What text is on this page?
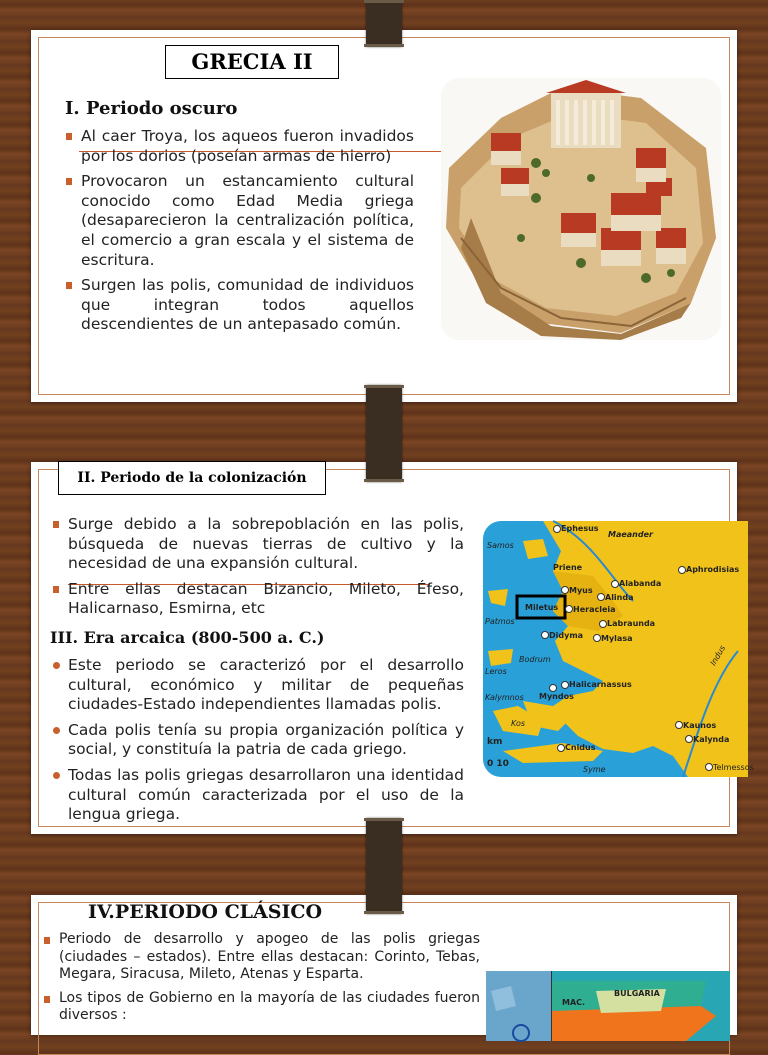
GRECIA II
I. Periodo oscuro
Al caer Troya, los aqueos fueron invadidos por los dorios (poseían armas de hierro)
Provocaron un estancamiento cultural conocido como Edad Media griega (desaparecieron la centralización política, el comercio a gran escala y el sistema de escritura.
Surgen las polis, comunidad de individuos que integran todos aquellos descendientes de un antepasado común.
II. Periodo de la colonización
Surge debido a la sobrepoblación en las polis, búsqueda de nuevas tierras de cultivo y la necesidad de una expansión cultural.
Entre ellas destacan Bizancio, Mileto, Éfeso, Halicarnaso, Esmirna, etc
III. Era arcaica (800-500 a. C.)
Este periodo se caracterizó por el desarrollo cultural, económico y militar de pequeñas ciudades-Estado independientes llamadas polis.
Cada polis tenía su propia organización política y social, y constituía la patria de cada griego.
Todas las polis griegas desarrollaron una identidad cultural común caracterizada por el uso de la lengua griega.
Ephesus
Maeander
Samos
Priene
Myus
Alinda
Alabanda
Aphrodisias
Miletus Heracleia
Labraunda
Patmos
Didyma Mylasa
Leros
Bodrum
Kalymnos Myndos
Halicarnassus
Kos
km
0 10
Cnidus
Syme
Kaunos
Kalynda
Telmessos
Indus
IV.PERIODO CLÁSICO
Periodo de desarrollo y apogeo de las polis griegas (ciudades – estados). Entre ellas destacan: Corinto, Tebas, Megara, Siracusa, Mileto, Atenas y Esparta.
Los tipos de Gobierno en la mayoría de las ciudades fueron diversos :
MAC.
BULGARIA
